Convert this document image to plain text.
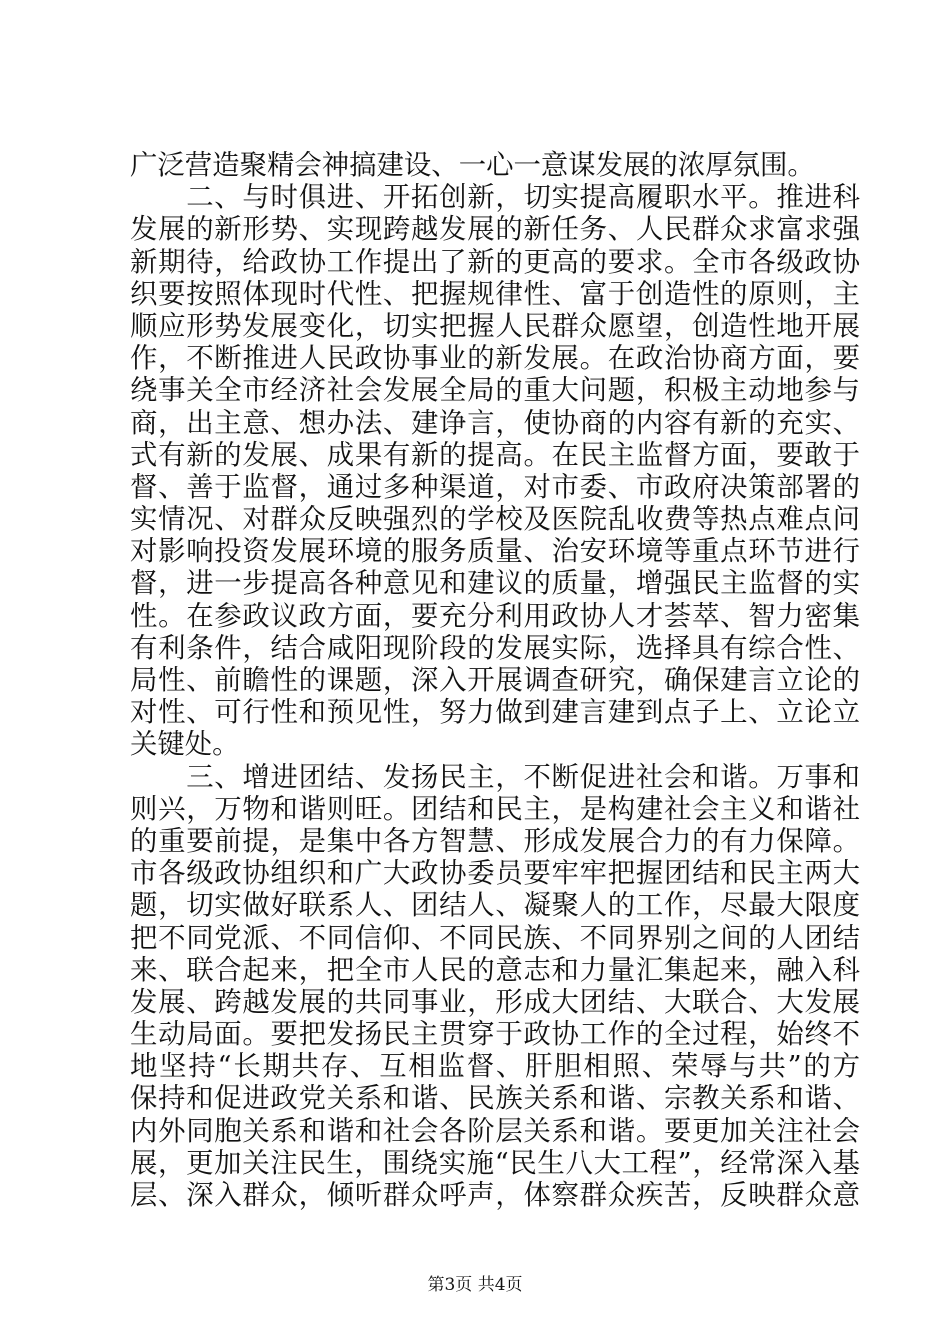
广泛营造聚精会神搞建设、一心一意谋发展的浓厚氛围。
　　二、与时俱进、开拓创新，切实提高履职水平。推进科
发展的新形势、实现跨越发展的新任务、人民群众求富求强
新期待，给政协工作提出了新的更高的要求。全市各级政协
织要按照体现时代性、把握规律性、富于创造性的原则，主
顺应形势发展变化，切实把握人民群众愿望，创造性地开展
作，不断推进人民政协事业的新发展。在政治协商方面，要
绕事关全市经济社会发展全局的重大问题，积极主动地参与
商，出主意、想办法、建诤言，使协商的内容有新的充实、
式有新的发展、成果有新的提高。在民主监督方面，要敢于
督、善于监督，通过多种渠道，对市委、市政府决策部署的
实情况、对群众反映强烈的学校及医院乱收费等热点难点问
对影响投资发展环境的服务质量、治安环境等重点环节进行
督，进一步提高各种意见和建议的质量，增强民主监督的实
性。在参政议政方面，要充分利用政协人才荟萃、智力密集
有利条件，结合咸阳现阶段的发展实际，选择具有综合性、
局性、前瞻性的课题，深入开展调查研究，确保建言立论的
对性、可行性和预见性，努力做到建言建到点子上、立论立
关键处。
　　三、增进团结、发扬民主，不断促进社会和谐。万事和
则兴，万物和谐则旺。团结和民主，是构建社会主义和谐社
的重要前提，是集中各方智慧、形成发展合力的有力保障。
市各级政协组织和广大政协委员要牢牢把握团结和民主两大
题，切实做好联系人、团结人、凝聚人的工作，尽最大限度
把不同党派、不同信仰、不同民族、不同界别之间的人团结
来、联合起来，把全市人民的意志和力量汇集起来，融入科
发展、跨越发展的共同事业，形成大团结、大联合、大发展
生动局面。要把发扬民主贯穿于政协工作的全过程，始终不
地坚持“长期共存、互相监督、肝胆相照、荣辱与共”的方
保持和促进政党关系和谐、民族关系和谐、宗教关系和谐、
内外同胞关系和谐和社会各阶层关系和谐。要更加关注社会
展，更加关注民生，围绕实施“民生八大工程”，经常深入基
层、深入群众，倾听群众呼声，体察群众疾苦，反映群众意
第3页 共4页
